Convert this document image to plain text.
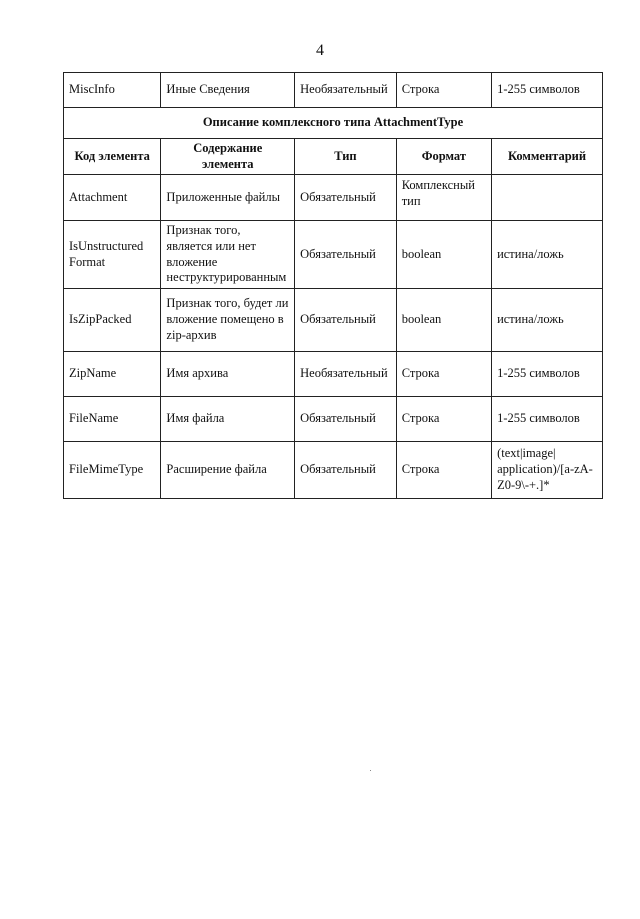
4
MiscInfo	Иные Сведения	Необязательный	Строка	1-255 символов
Описание комплексного типа AttachmentType				
Код элемента	Содержание элемента	Тип	Формат	Комментарий
Attachment	Приложенные файлы	Обязательный	Комплексный тип	
IsUnstructured Format	Признак того, является или нет вложение неструктурированным	Обязательный	boolean	истина/ложь
IsZipPacked	Признак того, будет ли вложение помещено в zip-архив	Обязательный	boolean	истина/ложь
ZipName	Имя архива	Необязательный	Строка	1-255 символов
FileName	Имя файла	Обязательный	Строка	1-255 символов
FileMimeType	Расширение файла	Обязательный	Строка	(text|image| application)/[a-zA-Z0-9\-+.]*
